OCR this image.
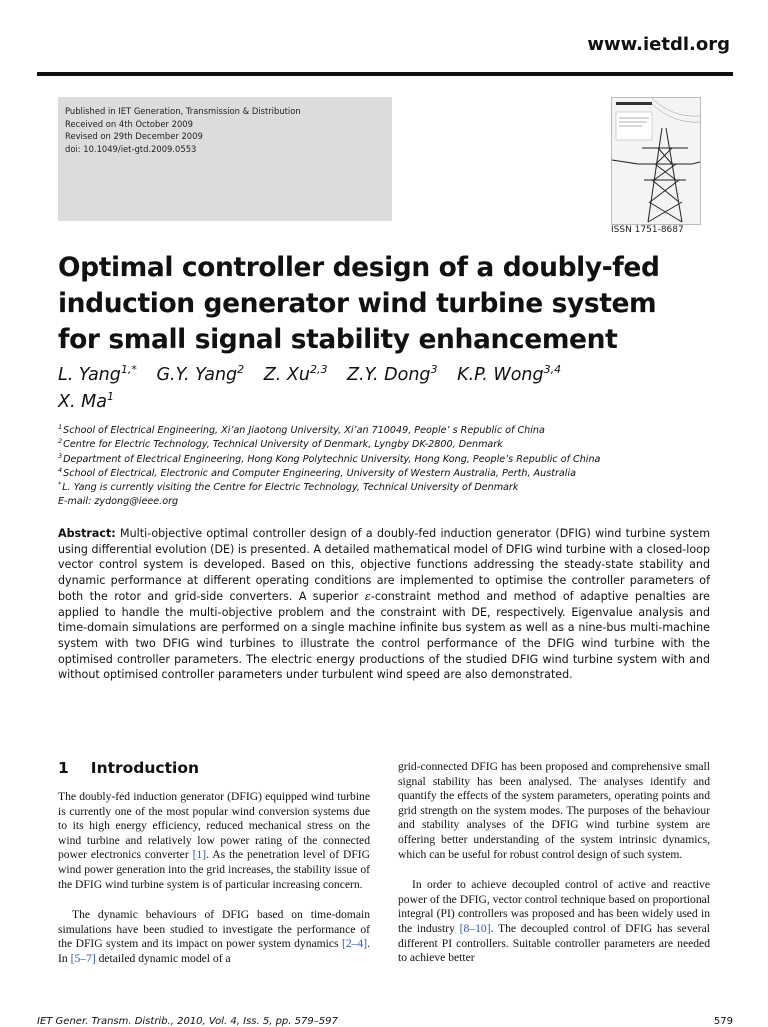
www.ietdl.org
Published in IET Generation, Transmission & Distribution
Received on 4th October 2009
Revised on 29th December 2009
doi: 10.1049/iet-gtd.2009.0553
ISSN 1751-8687
Optimal controller design of a doubly-fed
induction generator wind turbine system
for small signal stability enhancement
L. Yang$^{1,*}$ G.Y. Yang$^2$ Z. Xu$^{2,3}$ Z.Y. Dong$^3$ K.P. Wong$^{3,4}$
X. Ma$^1$
$^1$School of Electrical Engineering, Xi’an Jiaotong University, Xi’an 710049, People’ s Republic of China
$^2$Centre for Electric Technology, Technical University of Denmark, Lyngby DK-2800, Denmark
$^3$Department of Electrical Engineering, Hong Kong Polytechnic University, Hong Kong, People’s Republic of China
$^4$School of Electrical, Electronic and Computer Engineering, University of Western Australia, Perth, Australia
*L. Yang is currently visiting the Centre for Electric Technology, Technical University of Denmark
E-mail: zydong@ieee.org
Abstract: Multi-objective optimal controller design of a doubly-fed induction generator (DFIG) wind turbine system using differential evolution (DE) is presented. A detailed mathematical model of DFIG wind turbine with a closed-loop vector control system is developed. Based on this, objective functions addressing the steady-state stability and dynamic performance at different operating conditions are implemented to optimise the controller parameters of both the rotor and grid-side converters. A superior ε-constraint method and method of adaptive penalties are applied to handle the multi-objective problem and the constraint with DE, respectively. Eigenvalue analysis and time-domain simulations are performed on a single machine infinite bus system as well as a nine-bus multi-machine system with two DFIG wind turbines to illustrate the control performance of the DFIG wind turbine with the optimised controller parameters. The electric energy productions of the studied DFIG wind turbine system with and without optimised controller parameters under turbulent wind speed are also demonstrated.
1 Introduction

The doubly-fed induction generator (DFIG) equipped wind turbine is currently one of the most popular wind conversion systems due to its high energy efficiency, reduced mechanical stress on the wind turbine and relatively low power rating of the connected power electronics converter [1]. As the penetration level of DFIG wind power generation into the grid increases, the stability issue of the DFIG wind turbine system is of particular increasing concern.

The dynamic behaviours of DFIG based on time-domain simulations have been studied to investigate the performance of the DFIG system and its impact on power system dynamics [2–4]. In [5–7] detailed dynamic model of a

grid-connected DFIG has been proposed and comprehensive small signal stability has been analysed. The analyses identify and quantify the effects of the system parameters, operating points and grid strength on the system modes. The purposes of the behaviour and stability analyses of the DFIG wind turbine system are offering better understanding of the system intrinsic dynamics, which can be useful for robust control design of such system.

In order to achieve decoupled control of active and reactive power of the DFIG, vector control technique based on proportional integral (PI) controllers was proposed and has been widely used in the industry [8–10]. The decoupled control of DFIG has several different PI controllers. Suitable controller parameters are needed to achieve better

IET Gener. Transm. Distrib., 2010, Vol. 4, Iss. 5, pp. 579–597	579
